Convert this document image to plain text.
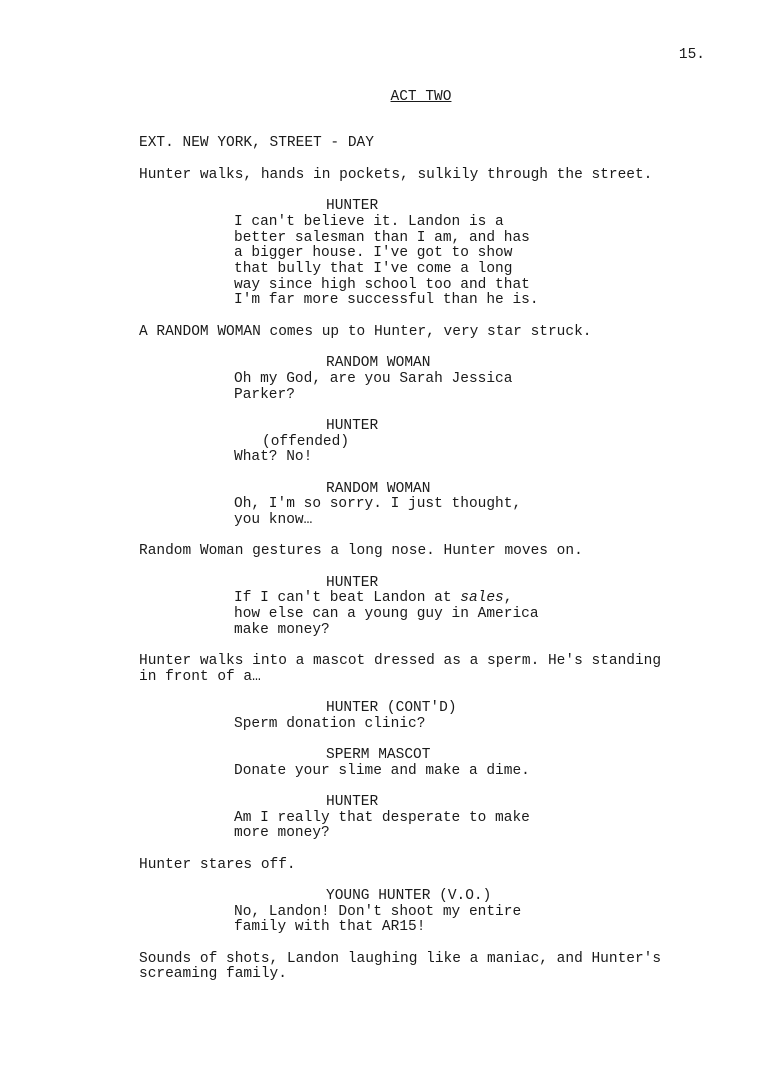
15.
ACT TWO
EXT. NEW YORK, STREET - DAY
Hunter walks, hands in pockets, sulkily through the street.
HUNTER
I can't believe it. Landon is a
better salesman than I am, and has
a bigger house. I've got to show
that bully that I've come a long
way since high school too and that
I'm far more successful than he is.
A RANDOM WOMAN comes up to Hunter, very star struck.
RANDOM WOMAN
Oh my God, are you Sarah Jessica
Parker?
HUNTER
(offended)
What? No!
RANDOM WOMAN
Oh, I'm so sorry. I just thought,
you know…
Random Woman gestures a long nose. Hunter moves on.
HUNTER
If I can't beat Landon at sales,
how else can a young guy in America
make money?
Hunter walks into a mascot dressed as a sperm. He's standing
in front of a…
HUNTER (CONT'D)
Sperm donation clinic?
SPERM MASCOT
Donate your slime and make a dime.
HUNTER
Am I really that desperate to make
more money?
Hunter stares off.
YOUNG HUNTER (V.O.)
No, Landon! Don't shoot my entire
family with that AR15!
Sounds of shots, Landon laughing like a maniac, and Hunter's
screaming family.
